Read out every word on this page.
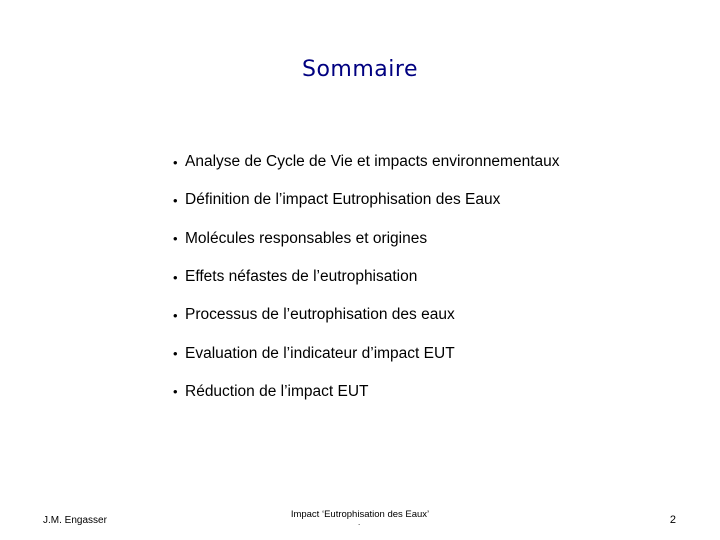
Sommaire
• Analyse de Cycle de Vie et impacts environnementaux
• Définition de l’impact Eutrophisation des Eaux
• Molécules responsables et origines
• Effets néfastes de l’eutrophisation
• Processus de l’eutrophisation des eaux
• Evaluation de l’indicateur d’impact EUT
• Réduction de l’impact EUT
J.M. Engasser
Impact ‘Eutrophisation des Eaux’
.	2
